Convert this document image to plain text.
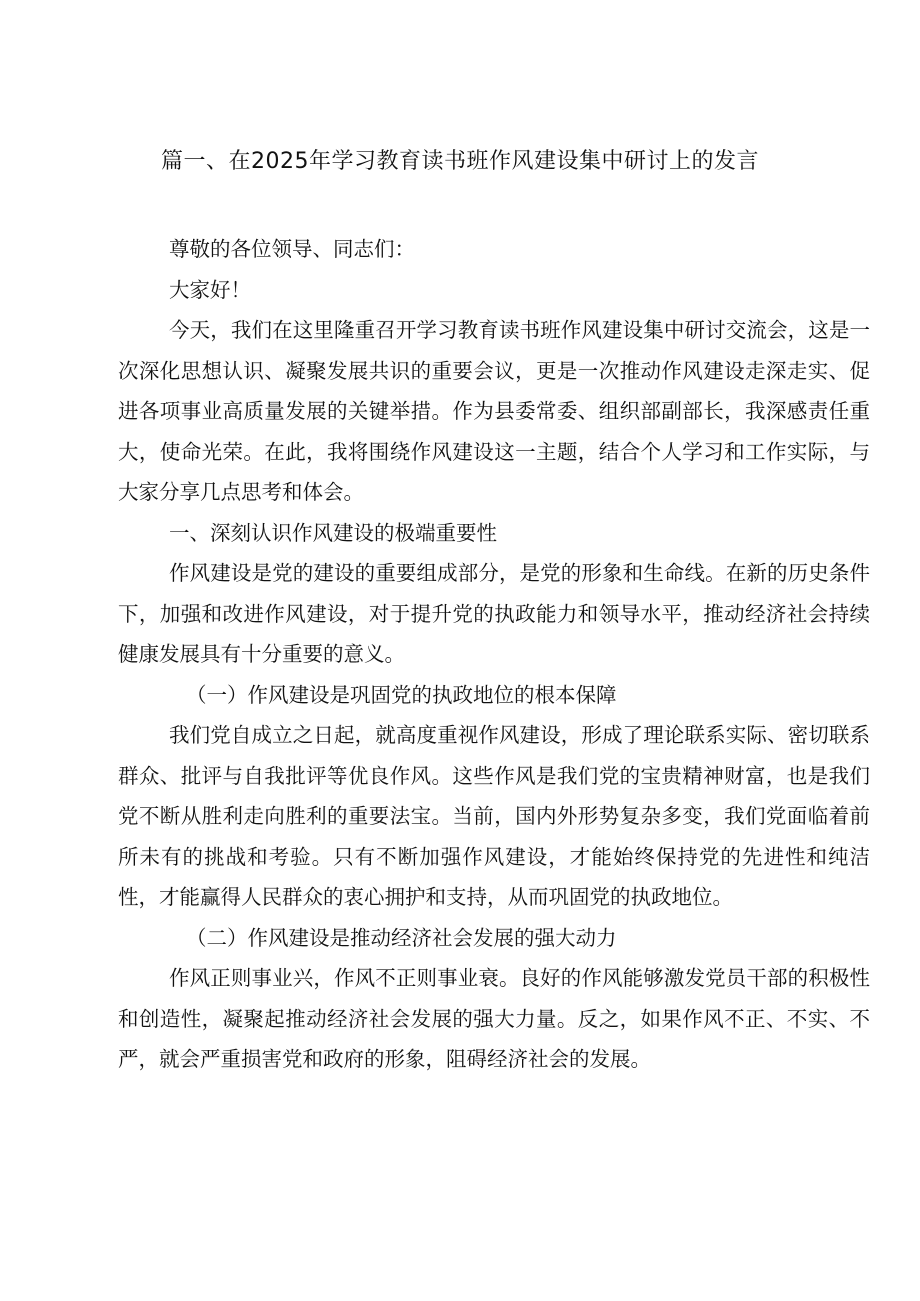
篇一、在2025年学习教育读书班作风建设集中研讨上的发言

尊敬的各位领导、同志们：

大家好！

今天，我们在这里隆重召开学习教育读书班作风建设集中研讨交流会，这是一次深化思想认识、凝聚发展共识的重要会议，更是一次推动作风建设走深走实、促进各项事业高质量发展的关键举措。作为县委常委、组织部副部长，我深感责任重大，使命光荣。在此，我将围绕作风建设这一主题，结合个人学习和工作实际，与大家分享几点思考和体会。

一、深刻认识作风建设的极端重要性

作风建设是党的建设的重要组成部分，是党的形象和生命线。在新的历史条件下，加强和改进作风建设，对于提升党的执政能力和领导水平，推动经济社会持续健康发展具有十分重要的意义。

（一）作风建设是巩固党的执政地位的根本保障

我们党自成立之日起，就高度重视作风建设，形成了理论联系实际、密切联系群众、批评与自我批评等优良作风。这些作风是我们党的宝贵精神财富，也是我们党不断从胜利走向胜利的重要法宝。当前，国内外形势复杂多变，我们党面临着前所未有的挑战和考验。只有不断加强作风建设，才能始终保持党的先进性和纯洁性，才能赢得人民群众的衷心拥护和支持，从而巩固党的执政地位。

（二）作风建设是推动经济社会发展的强大动力

作风正则事业兴，作风不正则事业衰。良好的作风能够激发党员干部的积极性和创造性，凝聚起推动经济社会发展的强大力量。反之，如果作风不正、不实、不严，就会严重损害党和政府的形象，阻碍经济社会的发展。
